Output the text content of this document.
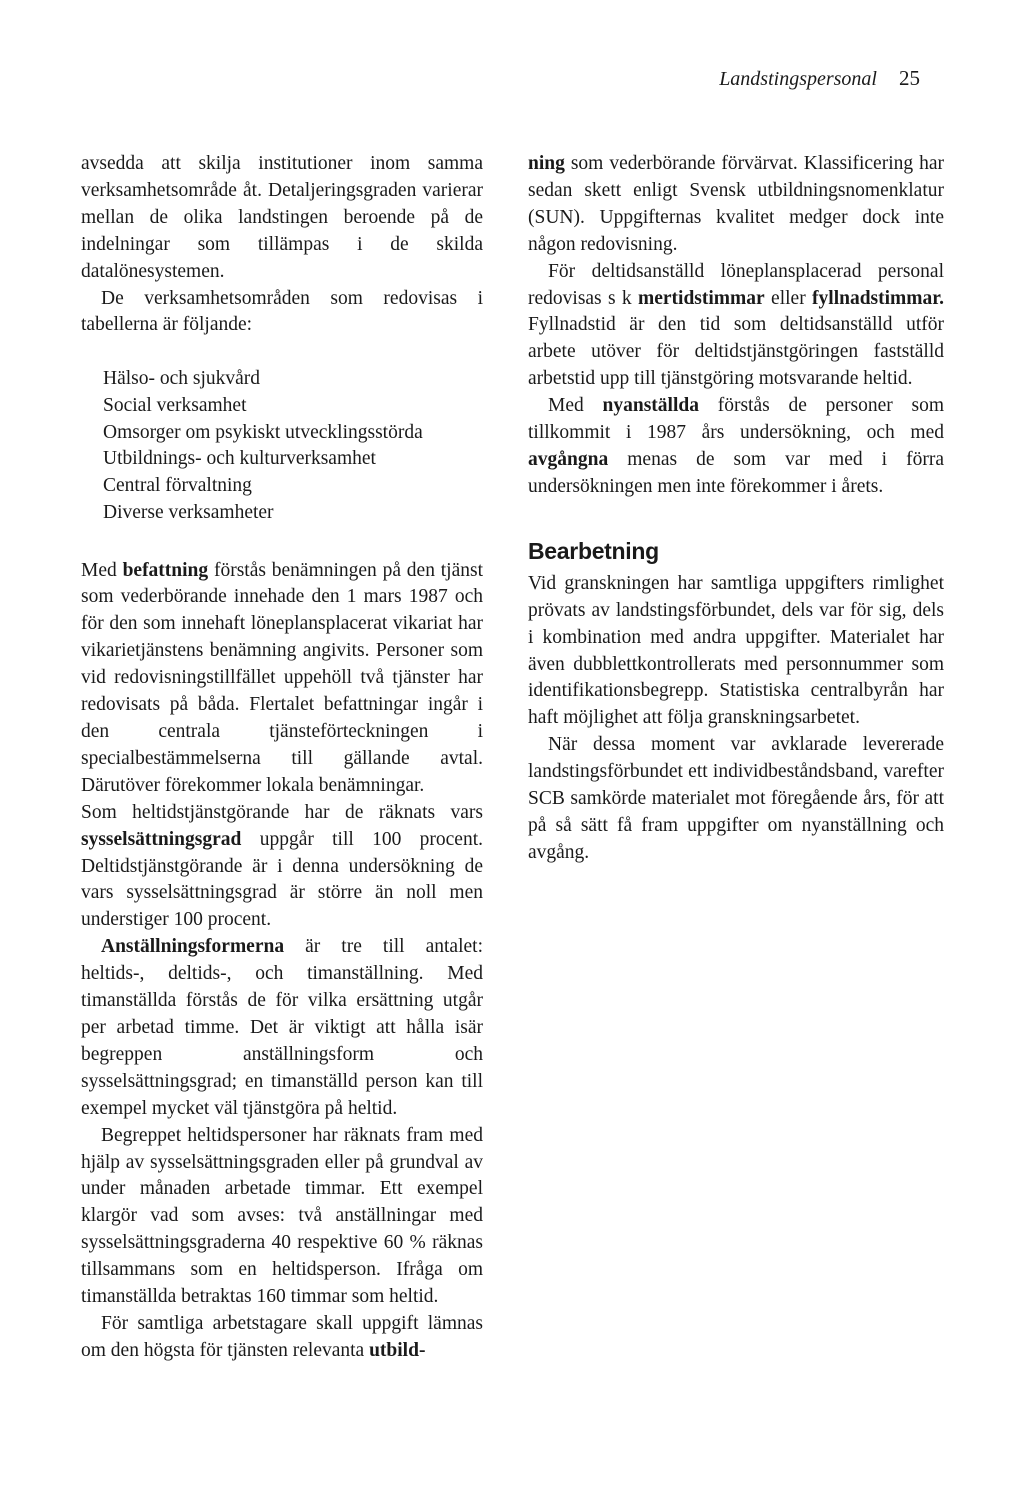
Landstingspersonal 25

avsedda att skilja institutioner inom samma verksamhetsområde åt. Detaljeringsgraden varierar mellan de olika landstingen beroende på de indelningar som tillämpas i de skilda datalönesystemen.

De verksamhetsområden som redovisas i tabellerna är följande:

Hälso- och sjukvård
Social verksamhet
Omsorger om psykiskt utvecklingsstörda
Utbildnings- och kulturverksamhet
Central förvaltning
Diverse verksamheter

Med befattning förstås benämningen på den tjänst som vederbörande innehade den 1 mars 1987 och för den som innehaft löneplansplacerat vikariat har vikarietjänstens benämning angivits. Personer som vid redovisningstillfället uppehöll två tjänster har redovisats på båda. Flertalet befattningar ingår i den centrala tjänsteförteckningen i specialbestämmelserna till gällande avtal. Därutöver förekommer lokala benämningar.

Som heltidstjänstgörande har de räknats vars sysselsättningsgrad uppgår till 100 procent. Deltidstjänstgörande är i denna undersökning de vars sysselsättningsgrad är större än noll men understiger 100 procent.

Anställningsformerna är tre till antalet: heltids-, deltids-, och timanställning. Med timanställda förstås de för vilka ersättning utgår per arbetad timme. Det är viktigt att hålla isär begreppen anställningsform och sysselsättningsgrad; en timanställd person kan till exempel mycket väl tjänstgöra på heltid.

Begreppet heltidspersoner har räknats fram med hjälp av sysselsättningsgraden eller på grundval av under månaden arbetade timmar. Ett exempel klargör vad som avses: två anställningar med sysselsättningsgraderna 40 respektive 60 % räknas tillsammans som en heltidsperson. Ifråga om timanställda betraktas 160 timmar som heltid.

För samtliga arbetstagare skall uppgift lämnas om den högsta för tjänsten relevanta utbild-

ning som vederbörande förvärvat. Klassificering har sedan skett enligt Svensk utbildningsnomenklatur (SUN). Uppgifternas kvalitet medger dock inte någon redovisning.

För deltidsanställd löneplansplacerad personal redovisas s k mertidstimmar eller fyllnadstimmar. Fyllnadstid är den tid som deltidsanställd utför arbete utöver för deltidstjänstgöringen fastställd arbetstid upp till tjänstgöring motsvarande heltid.

Med nyanställda förstås de personer som tillkommit i 1987 års undersökning, och med avgångna menas de som var med i förra undersökningen men inte förekommer i årets.

Bearbetning

Vid granskningen har samtliga uppgifters rimlighet prövats av landstingsförbundet, dels var för sig, dels i kombination med andra uppgifter. Materialet har även dubblettkontrollerats med personnummer som identifikationsbegrepp. Statistiska centralbyrån har haft möjlighet att följa granskningsarbetet.

När dessa moment var avklarade levererade landstingsförbundet ett individbeståndsband, varefter SCB samkörde materialet mot föregående års, för att på så sätt få fram uppgifter om nyanställning och avgång.
